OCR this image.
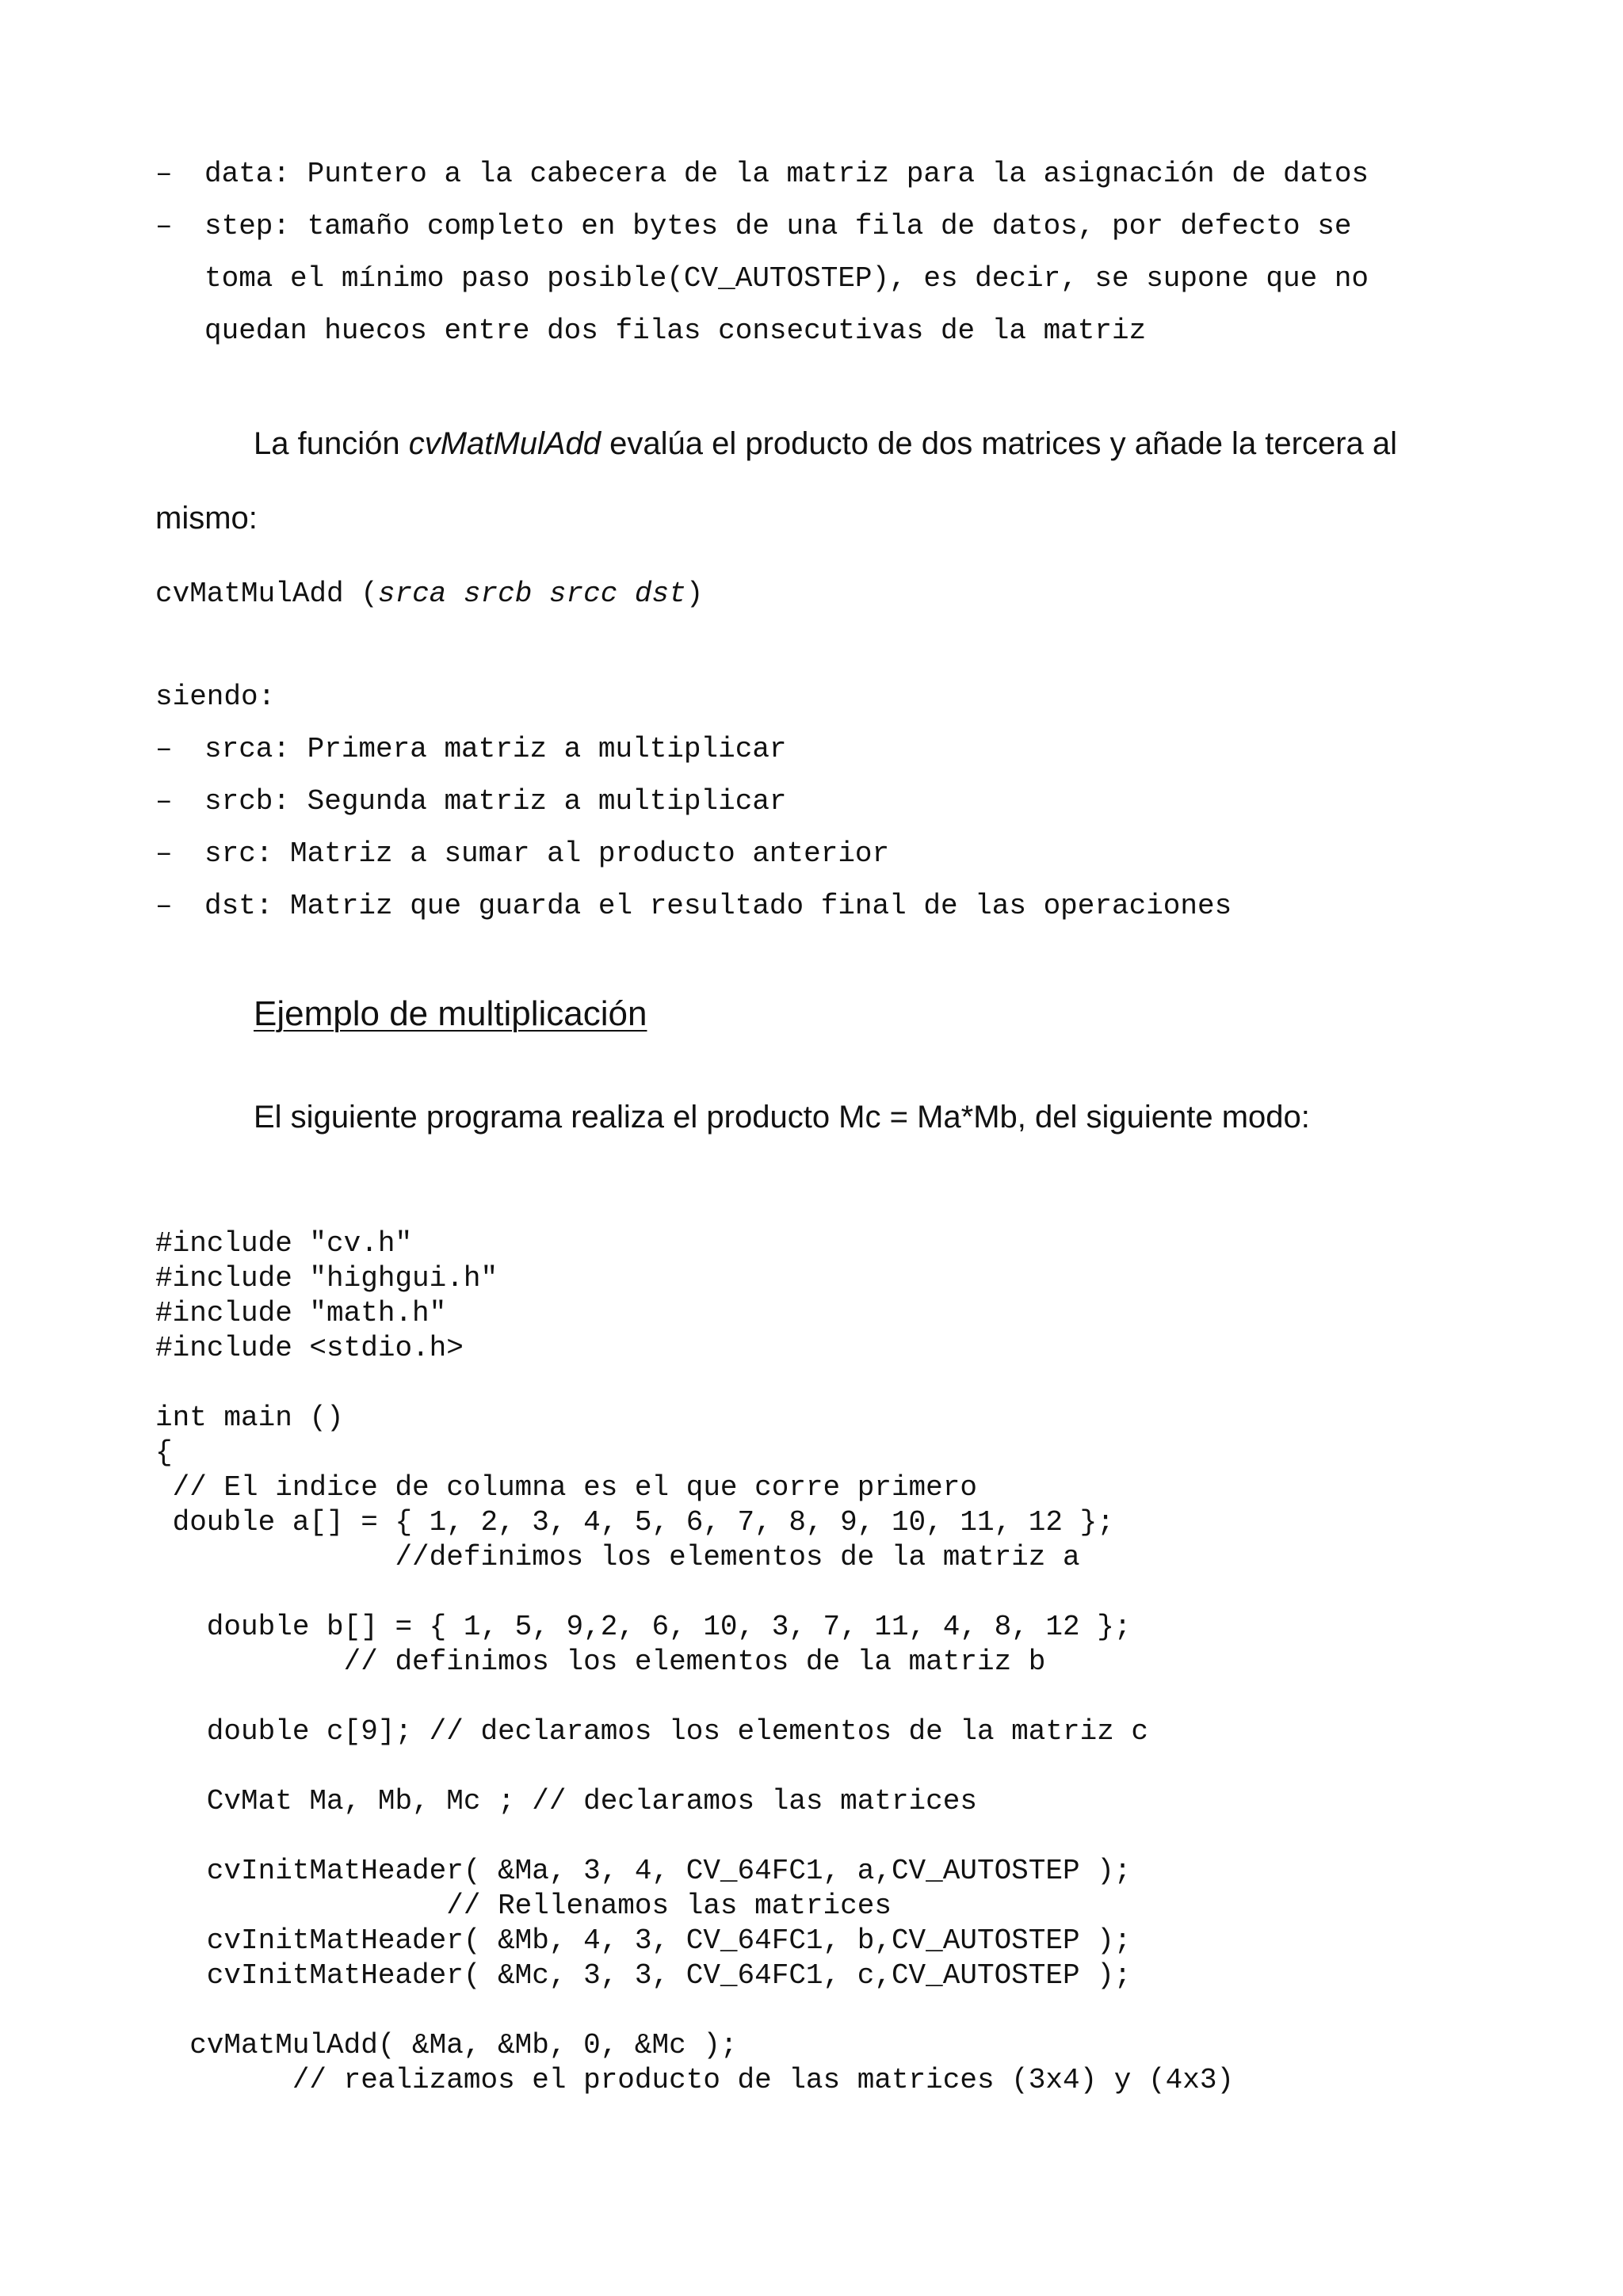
– data: Puntero a la cabecera de la matriz para la asignación de datos
– step: tamaño completo en bytes de una fila de datos, por defecto se
toma el mínimo paso posible(CV_AUTOSTEP), es decir, se supone que no
quedan huecos entre dos filas consecutivas de la matriz
La función cvMatMulAdd evalúa el producto de dos matrices y añade la tercera al
mismo:
cvMatMulAdd (srca srcb srcc dst)
siendo:
– srca: Primera matriz a multiplicar
– srcb: Segunda matriz a multiplicar
– src: Matriz a sumar al producto anterior
– dst: Matriz que guarda el resultado final de las operaciones
Ejemplo de multiplicación
El siguiente programa realiza el producto Mc = Ma*Mb, del siguiente modo:
#include "cv.h"
#include "highgui.h"
#include "math.h"
#include <stdio.h>
int main ()
{
// El indice de columna es el que corre primero
double a[] = { 1, 2, 3, 4, 5, 6, 7, 8, 9, 10, 11, 12 };
//definimos los elementos de la matriz a
double b[] = { 1, 5, 9,2, 6, 10, 3, 7, 11, 4, 8, 12 };
// definimos los elementos de la matriz b
double c[9]; // declaramos los elementos de la matriz c
CvMat Ma, Mb, Mc ; // declaramos las matrices
cvInitMatHeader( &Ma, 3, 4, CV_64FC1, a,CV_AUTOSTEP );
// Rellenamos las matrices
cvInitMatHeader( &Mb, 4, 3, CV_64FC1, b,CV_AUTOSTEP );
cvInitMatHeader( &Mc, 3, 3, CV_64FC1, c,CV_AUTOSTEP );
cvMatMulAdd( &Ma, &Mb, 0, &Mc );
// realizamos el producto de las matrices (3x4) y (4x3)
